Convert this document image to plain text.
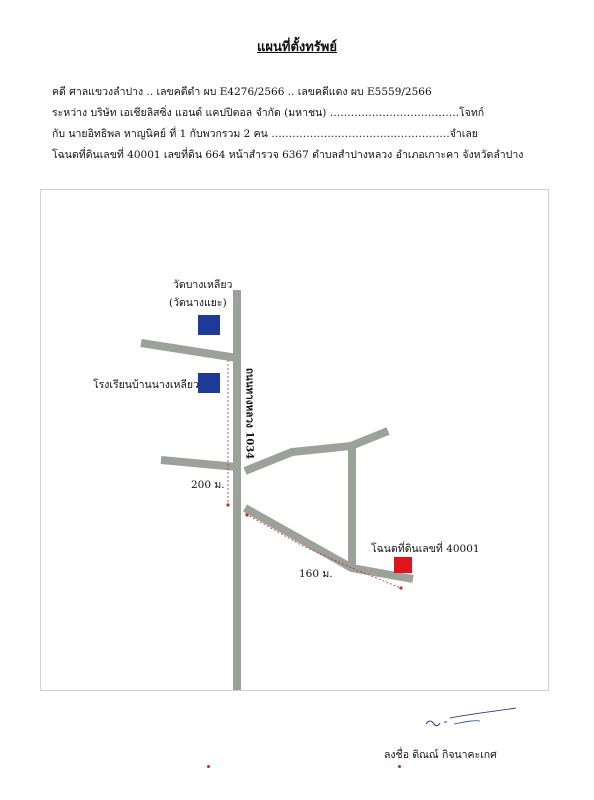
แผนที่ตั้งทรัพย์
คดี ศาลแขวงลำปาง .. เลขคดีดำ ผบ E4276/2566 .. เลขคดีแดง ผบ E5559/2566
ระหว่าง บริษัท เอเชียลิสซิ่ง แอนด์ แคปปิตอล จำกัด (มหาชน) ……………………………….โจทก์
กับ นายอิทธิพล หาญนิคย์ ที่ 1 กับพวกรวม 2 คน ……………………………………………จำเลย
โฉนดที่ดินเลขที่ 40001 เลขที่ดิน 664 หน้าสำรวจ 6367 ตำบลสำปางหลวง อำเภอเกาะคา จังหวัดลำปาง
วัดบางเหลียว
(วัดนางแยะ)
โรงเรียนบ้านนางเหลียว	ถนนทางหลวง 1034
200 ม.
160 ม.
โฉนดที่ดินเลขที่ 40001
ลงชื่อ ดิณณ์ กิจนาคะเกศ
